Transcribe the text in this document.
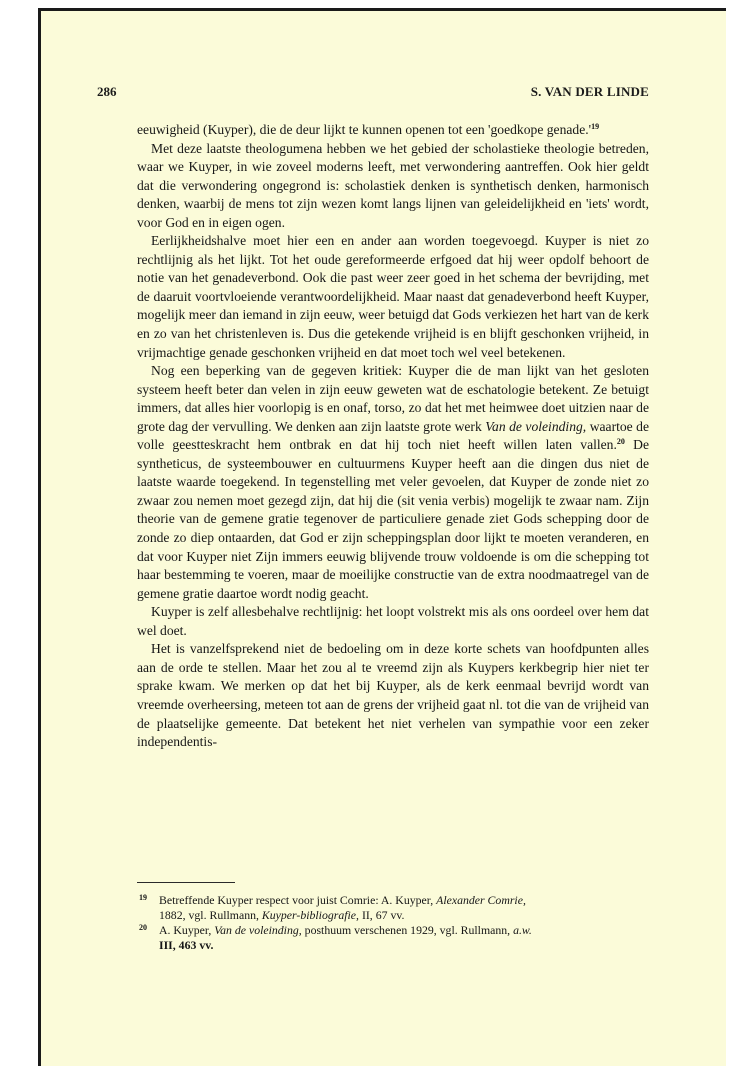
286	S. VAN DER LINDE

eeuwigheid (Kuyper), die de deur lijkt te kunnen openen tot een 'goedkope $genade.'^{19}$

Met deze laatste theologumena hebben we het gebied der scholastieke theologie betreden, waar we Kuyper, in wie zoveel moderns leeft, met verwondering aantreffen. Ook hier geldt dat die verwondering ongegrond is: scholastiek denken is synthetisch denken, harmonisch denken, waarbij de mens tot zijn wezen komt langs lijnen van geleidelijkheid en 'iets' wordt, voor God en in eigen ogen.

Eerlijkheidshalve moet hier een en ander aan worden toegevoegd. Kuyper is niet zo rechtlijnig als het lijkt. Tot het oude gereformeerde erfgoed dat hij weer opdolf behoort de notie van het genadeverbond. Ook die past weer zeer goed in het schema der bevrijding, met de daaruit voortvloeiende verantwoordelijkheid. Maar naast dat genadeverbond heeft Kuyper, mogelijk meer dan iemand in zijn eeuw, weer betuigd dat Gods verkiezen het hart van de kerk en zo van het christenleven is. Dus die getekende vrijheid is en blijft geschonken vrijheid, in vrijmachtige genade geschonken vrijheid en dat moet toch wel veel betekenen.

Nog een beperking van de gegeven kritiek: Kuyper die de man lijkt van het gesloten systeem heeft beter dan velen in zijn eeuw geweten wat de eschatologie betekent. Ze betuigt immers, dat alles hier voorlopig is en onaf, torso, zo dat het met heimwee doet uitzien naar de grote dag der vervulling. We denken aan zijn laatste grote werk Van de voleinding, waartoe de volle geestteskracht hem ontbrak en dat hij toch niet heeft willen laten vallen.$^{20}$ De syntheticus, de systeembouwer en cultuurmens Kuyper heeft aan die dingen dus niet de laatste waarde toegekend. In tegenstelling met veler gevoelen, dat Kuyper de zonde niet zo zwaar zou nemen moet gezegd zijn, dat hij die (sit venia verbis) mogelijk te zwaar nam. Zijn theorie van de gemene gratie tegenover de particuliere genade ziet Gods schepping door de zonde zo diep ontaarden, dat God er zijn scheppingsplan door lijkt te moeten veranderen, en dat voor Kuyper niet Zijn immers eeuwig blijvende trouw voldoende is om die schepping tot haar bestemming te voeren, maar de moeilijke constructie van de extra noodmaatregel van de gemene gratie daartoe wordt nodig geacht.

Kuyper is zelf allesbehalve rechtlijnig: het loopt volstrekt mis als ons oordeel over hem dat wel doet.

Het is vanzelfsprekend niet de bedoeling om in deze korte schets van hoofdpunten alles aan de orde te stellen. Maar het zou al te vreemd zijn als Kuypers kerkbegrip hier niet ter sprake kwam. We merken op dat het bij Kuyper, als de kerk eenmaal bevrijd wordt van vreemde overheersing, meteen tot aan de grens der vrijheid gaat nl. tot die van de vrijheid van de plaatselijke gemeente. Dat betekent het niet verhelen van sympathie voor een zeker independentis-

19 Betreffende Kuyper respect voor juist Comrie: A. Kuyper, Alexander Comrie,
1882, vgl. Rullmann, Kuyper-bibliografie, II, 67 vv.
20 A. Kuyper, Van de voleinding, posthuum verschenen 1929, vgl. Rullmann, a.w.
III, 463 vv.
